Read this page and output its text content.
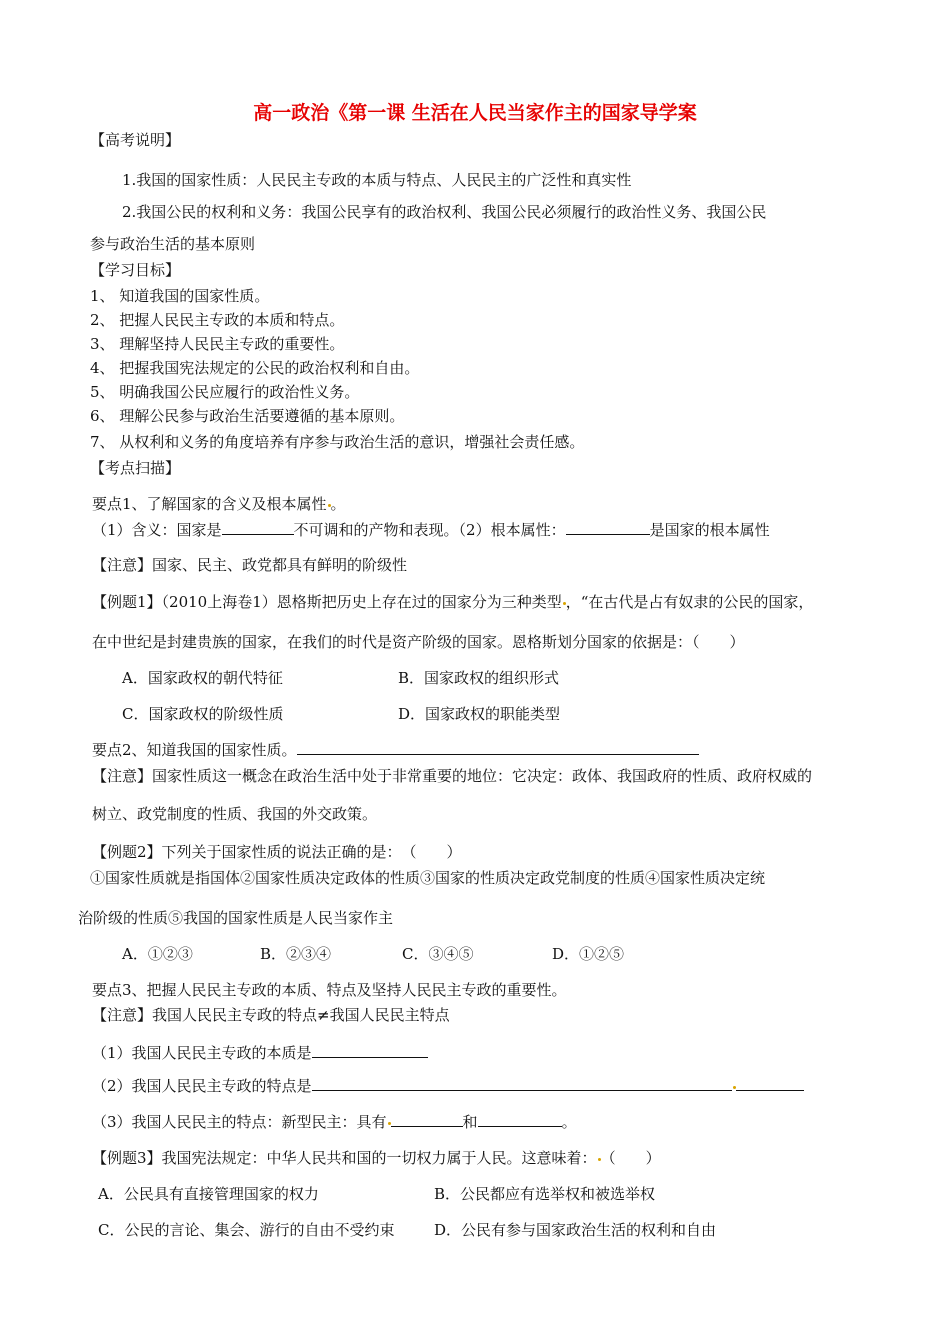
高一政治《第一课 生活在人民当家作主的国家导学案
【高考说明】
1.我国的国家性质：人民民主专政的本质与特点、人民民主的广泛性和真实性
2.我国公民的权利和义务：我国公民享有的政治权利、我国公民必须履行的政治性义务、我国公民
参与政治生活的基本原则
【学习目标】
1、 知道我国的国家性质。
2、 把握人民民主专政的本质和特点。
3、 理解坚持人民民主专政的重要性。
4、 把握我国宪法规定的公民的政治权利和自由。
5、 明确我国公民应履行的政治性义务。
6、 理解公民参与政治生活要遵循的基本原则。
7、 从权利和义务的角度培养有序参与政治生活的意识，增强社会责任感。
【考点扫描】
要点1、了解国家的含义及根本属性 。
（1）含义：国家是	不可调和的产物和表现。（2）根本属性：	是国家的根本属性
【注意】国家、民主、政党都具有鲜明的阶级性
【例题1】（2010上海卷1）恩格斯把历史上存在过的国家分为三种类型 ，“在古代是占有奴隶的公民的国家，
在中世纪是封建贵族的国家，在我们的时代是资产阶级的国家。恩格斯划分国家的依据是：（　　）
A．国家政权的朝代特征	B．国家政权的组织形式
C．国家政权的阶级性质	D．国家政权的职能类型
要点2、知道我国的国家性质。
【注意】国家性质这一概念在政治生活中处于非常重要的地位：它决定：政体、我国政府的性质、政府权威的
树立、政党制度的性质、我国的外交政策。
【例题2】下列关于国家性质的说法正确的是：　（　　）
①国家性质就是指国体②国家性质决定政体的性质③国家的性质决定政党制度的性质④国家性质决定统
治阶级的性质⑤我国的国家性质是人民当家作主
A．①②③	B．②③④	C．③④⑤	D．①②⑤
要点3、把握人民民主专政的本质、特点及坚持人民民主专政的重要性。
【注意】我国人民民主专政的特点≠我国人民民主特点
（1）我国人民民主专政的本质是
（2）我国人民民主专政的特点是
（3）我国人民民主的特点：新型民主：具有	和	。
【例题3】我国宪法规定：中华人民共和国的一切权力属于人民。这意味着： （　　）
A．公民具有直接管理国家的权力	B．公民都应有选举权和被选举权
C．公民的言论、集会、游行的自由不受约束	D．公民有参与国家政治生活的权利和自由
